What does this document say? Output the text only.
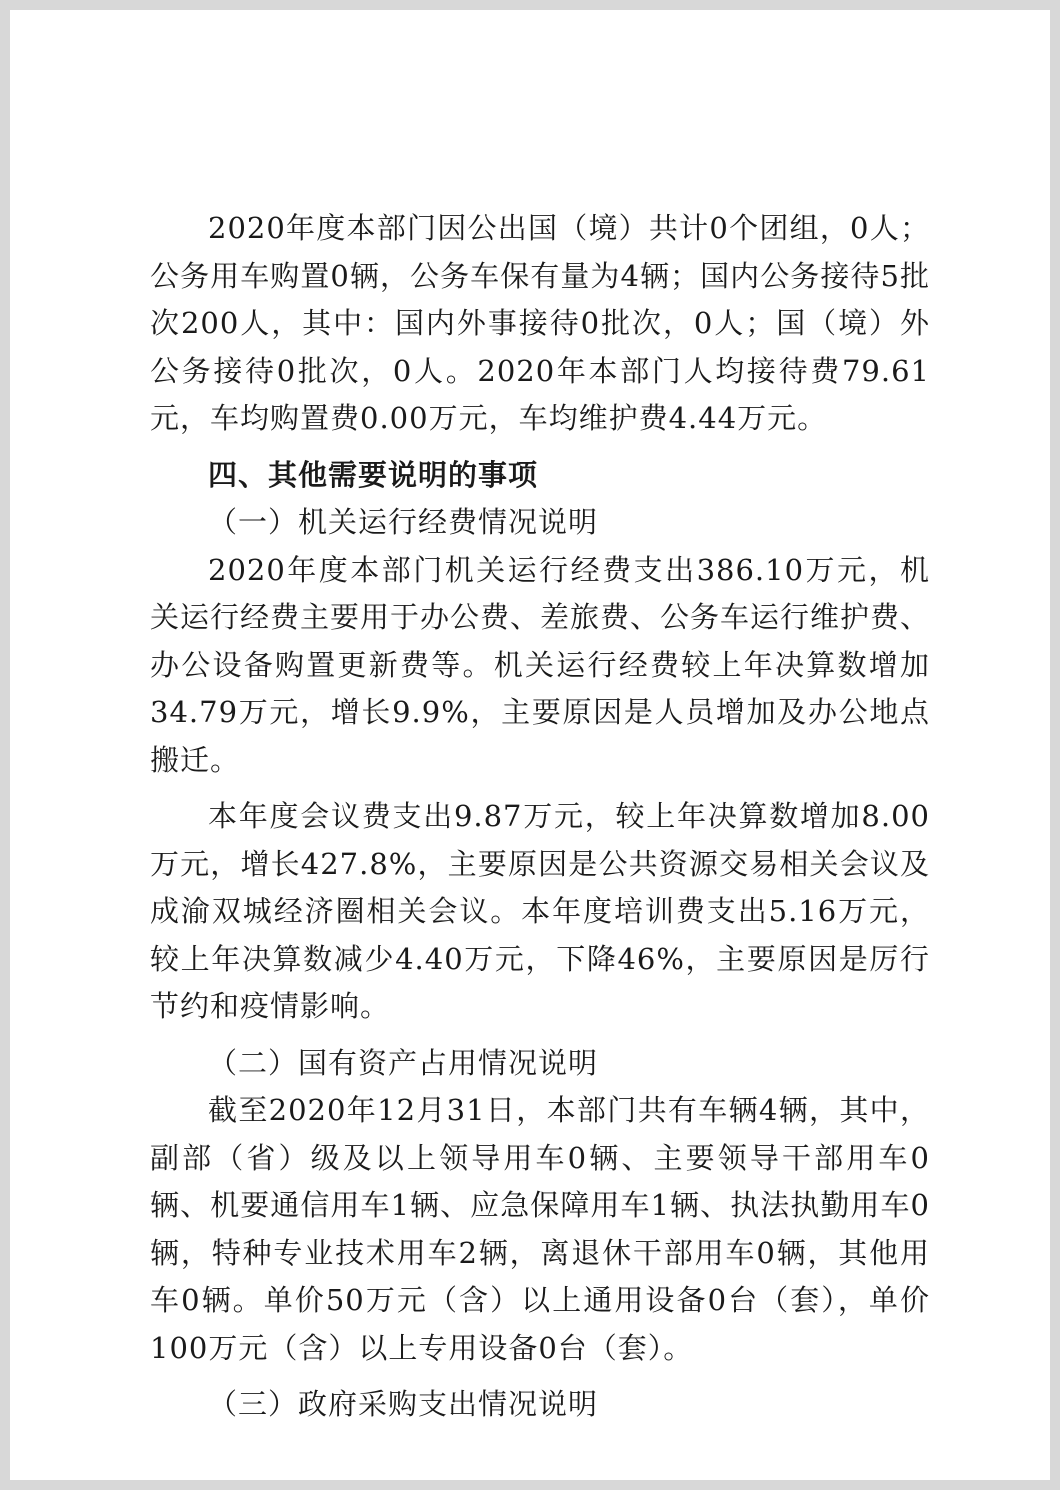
2020年度本部门因公出国（境）共计0个团组，0人；公务用车购置0辆，公务车保有量为4辆；国内公务接待5批次200人，其中：国内外事接待0批次，0人；国（境）外公务接待0批次，0人。2020年本部门人均接待费79.61元，车均购置费0.00万元，车均维护费4.44万元。

四、其他需要说明的事项
（一）机关运行经费情况说明

2020年度本部门机关运行经费支出386.10万元，机关运行经费主要用于办公费、差旅费、公务车运行维护费、办公设备购置更新费等。机关运行经费较上年决算数增加34.79万元，增长9.9%，主要原因是人员增加及办公地点搬迁。

本年度会议费支出9.87万元，较上年决算数增加8.00万元，增长427.8%，主要原因是公共资源交易相关会议及成渝双城经济圈相关会议。本年度培训费支出5.16万元，较上年决算数减少4.40万元，下降46%，主要原因是厉行节约和疫情影响。

（二）国有资产占用情况说明

截至2020年12月31日，本部门共有车辆4辆，其中，副部（省）级及以上领导用车0辆、主要领导干部用车0辆、机要通信用车1辆、应急保障用车1辆、执法执勤用车0辆，特种专业技术用车2辆，离退休干部用车0辆，其他用车0辆。单价50万元（含）以上通用设备0台（套），单价100万元（含）以上专用设备0台（套）。

（三）政府采购支出情况说明
